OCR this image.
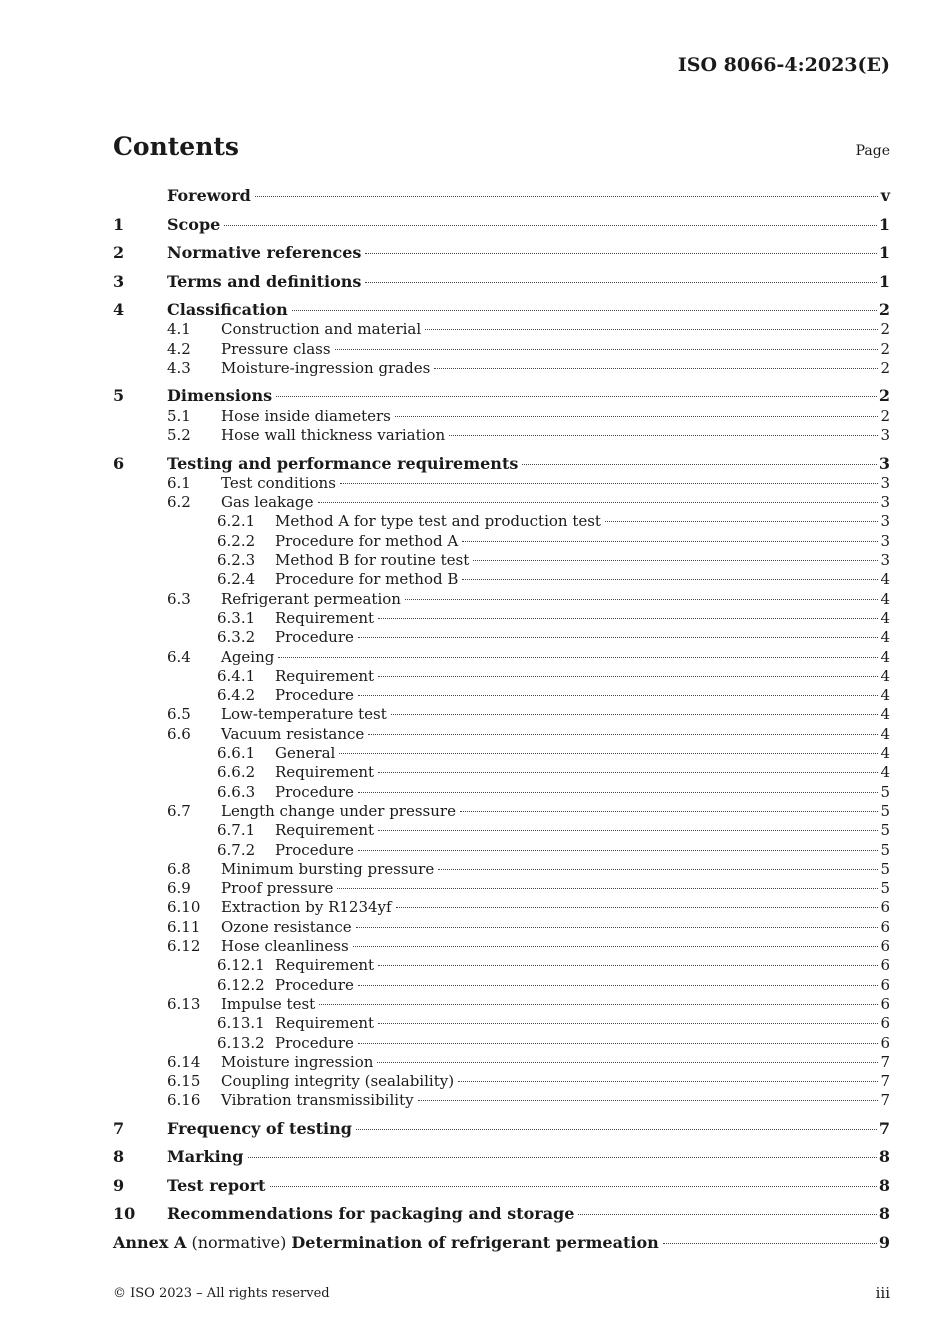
ISO 8066-4:2023(E)
Contents	Page
Foreword	v
1	Scope	1
2	Normative references	1
3	Terms and definitions	1
4	Classification	2
4.1	Construction and material	2
4.2	Pressure class	2
4.3	Moisture-ingression grades	2
5	Dimensions	2
5.1	Hose inside diameters	2
5.2	Hose wall thickness variation	3
6	Testing and performance requirements	3
6.1	Test conditions	3
6.2	Gas leakage	3
6.2.1	Method A for type test and production test	3
6.2.2	Procedure for method A	3
6.2.3	Method B for routine test	3
6.2.4	Procedure for method B	4
6.3	Refrigerant permeation	4
6.3.1	Requirement	4
6.3.2	Procedure	4
6.4	Ageing	4
6.4.1	Requirement	4
6.4.2	Procedure	4
6.5	Low-temperature test	4
6.6	Vacuum resistance	4
6.6.1	General	4
6.6.2	Requirement	4
6.6.3	Procedure	5
6.7	Length change under pressure	5
6.7.1	Requirement	5
6.7.2	Procedure	5
6.8	Minimum bursting pressure	5
6.9	Proof pressure	5
6.10	Extraction by R1234yf	6
6.11	Ozone resistance	6
6.12	Hose cleanliness	6
6.12.1 Requirement	6
6.12.2 Procedure	6
6.13	Impulse test	6
6.13.1 Requirement	6
6.13.2 Procedure	6
6.14	Moisture ingression	7
6.15	Coupling integrity (sealability)	7
6.16	Vibration transmissibility	7
7	Frequency of testing	7
8	Marking	8
9	Test report	8
10	Recommendations for packaging and storage	8
Annex A (normative) Determination of refrigerant permeation	9
© ISO 2023 – All rights reserved	iii
